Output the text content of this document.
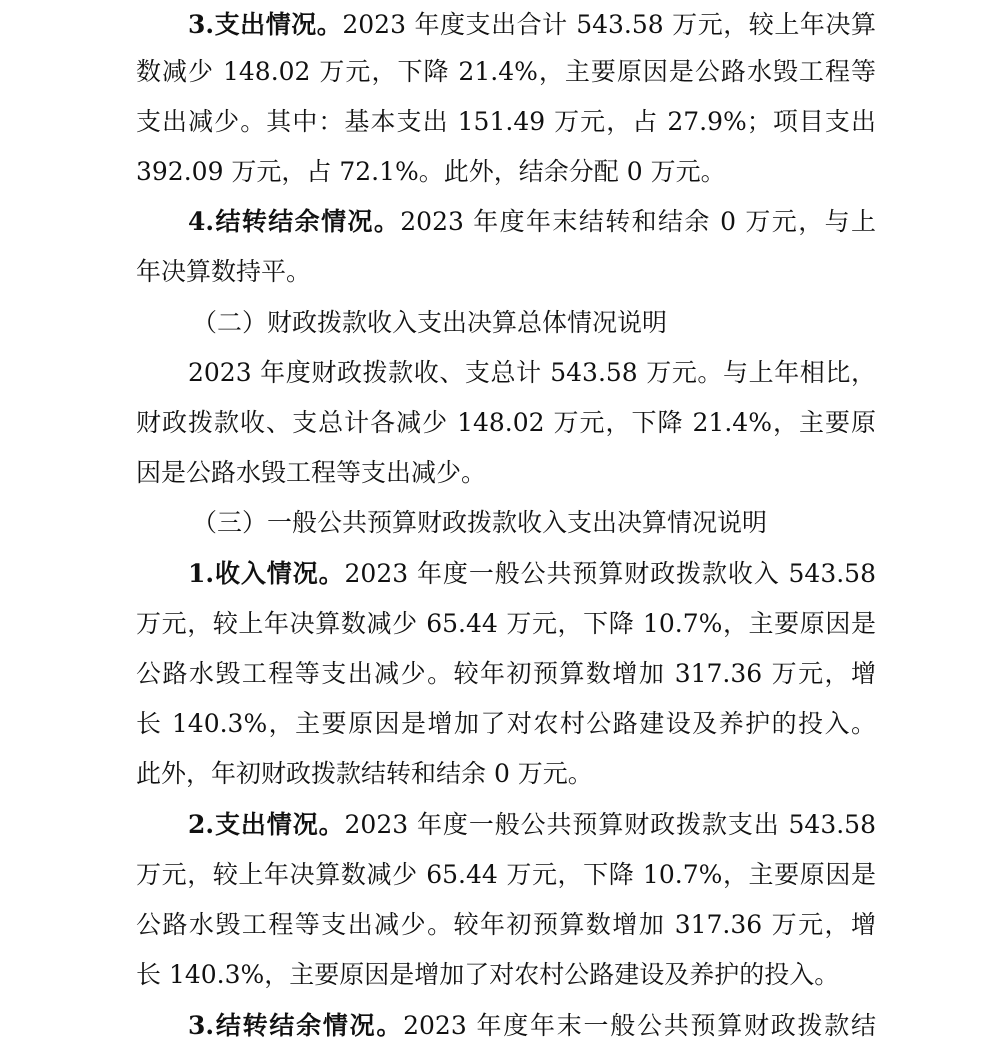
3.支出情况。2023 年度支出合计 543.58 万元，较上年决算
数减少 148.02 万元，下降 21.4%，主要原因是公路水毁工程等
支出减少。其中：基本支出 151.49 万元，占 27.9%；项目支出
392.09 万元，占 72.1%。此外，结余分配 0 万元。
4.结转结余情况。2023 年度年末结转和结余 0 万元，与上
年决算数持平。
（二）财政拨款收入支出决算总体情况说明
2023 年度财政拨款收、支总计 543.58 万元。与上年相比，
财政拨款收、支总计各减少 148.02 万元，下降 21.4%，主要原
因是公路水毁工程等支出减少。
（三）一般公共预算财政拨款收入支出决算情况说明
1.收入情况。2023 年度一般公共预算财政拨款收入 543.58
万元，较上年决算数减少 65.44 万元，下降 10.7%，主要原因是
公路水毁工程等支出减少。较年初预算数增加 317.36 万元，增
长 140.3%，主要原因是增加了对农村公路建设及养护的投入。
此外，年初财政拨款结转和结余 0 万元。
2.支出情况。2023 年度一般公共预算财政拨款支出 543.58
万元，较上年决算数减少 65.44 万元，下降 10.7%，主要原因是
公路水毁工程等支出减少。较年初预算数增加 317.36 万元，增
长 140.3%，主要原因是增加了对农村公路建设及养护的投入。
3.结转结余情况。2023 年度年末一般公共预算财政拨款结
